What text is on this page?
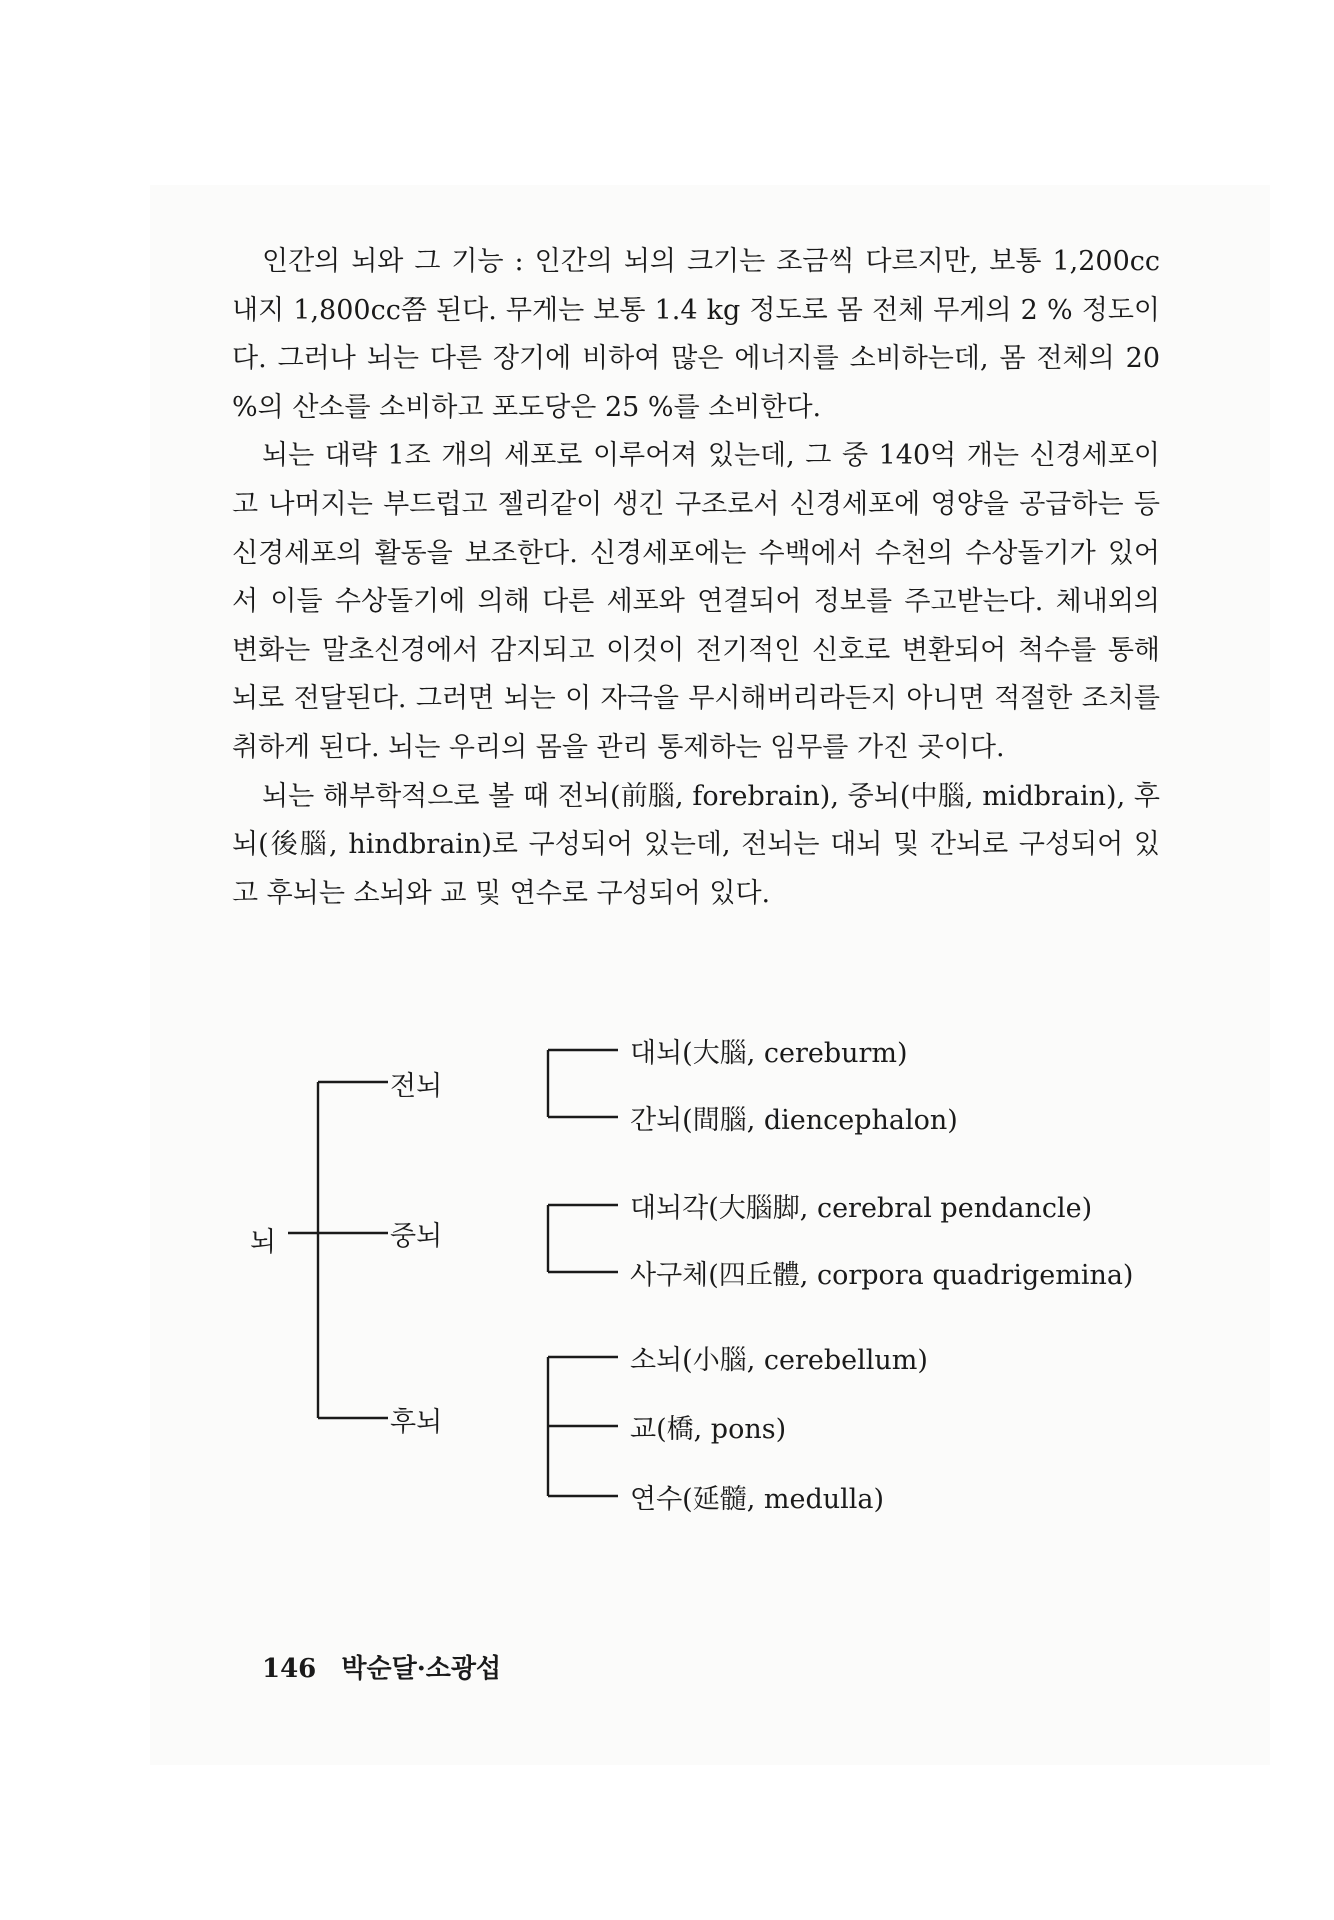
인간의 뇌와 그 기능 : 인간의 뇌의 크기는 조금씩 다르지만, 보통 1,200cc 내지 1,800cc쯤 된다. 무게는 보통 1.4 kg 정도로 몸 전체 무게의 2 % 정도이다. 그러나 뇌는 다른 장기에 비하여 많은 에너지를 소비하는데, 몸 전체의 20 %의 산소를 소비하고 포도당은 25 %를 소비한다.

뇌는 대략 1조 개의 세포로 이루어져 있는데, 그 중 140억 개는 신경세포이고 나머지는 부드럽고 젤리같이 생긴 구조로서 신경세포에 영양을 공급하는 등 신경세포의 활동을 보조한다. 신경세포에는 수백에서 수천의 수상돌기가 있어서 이들 수상돌기에 의해 다른 세포와 연결되어 정보를 주고받는다. 체내외의 변화는 말초신경에서 감지되고 이것이 전기적인 신호로 변환되어 척수를 통해 뇌로 전달된다. 그러면 뇌는 이 자극을 무시해버리라든지 아니면 적절한 조치를 취하게 된다. 뇌는 우리의 몸을 관리 통제하는 임무를 가진 곳이다.

뇌는 해부학적으로 볼 때 전뇌(前腦, forebrain), 중뇌(中腦, midbrain), 후뇌(後腦, hindbrain)로 구성되어 있는데, 전뇌는 대뇌 및 간뇌로 구성되어 있고 후뇌는 소뇌와 교 및 연수로 구성되어 있다.

뇌
전뇌
중뇌
후뇌
대뇌(大腦, cereburm)
간뇌(間腦, diencephalon)
대뇌각(大腦脚, cerebral pendancle)
사구체(四丘體, corpora quadrigemina)
소뇌(小腦, cerebellum)
교(橋, pons)
연수(延髓, medulla)
146 박순달·소광섭
